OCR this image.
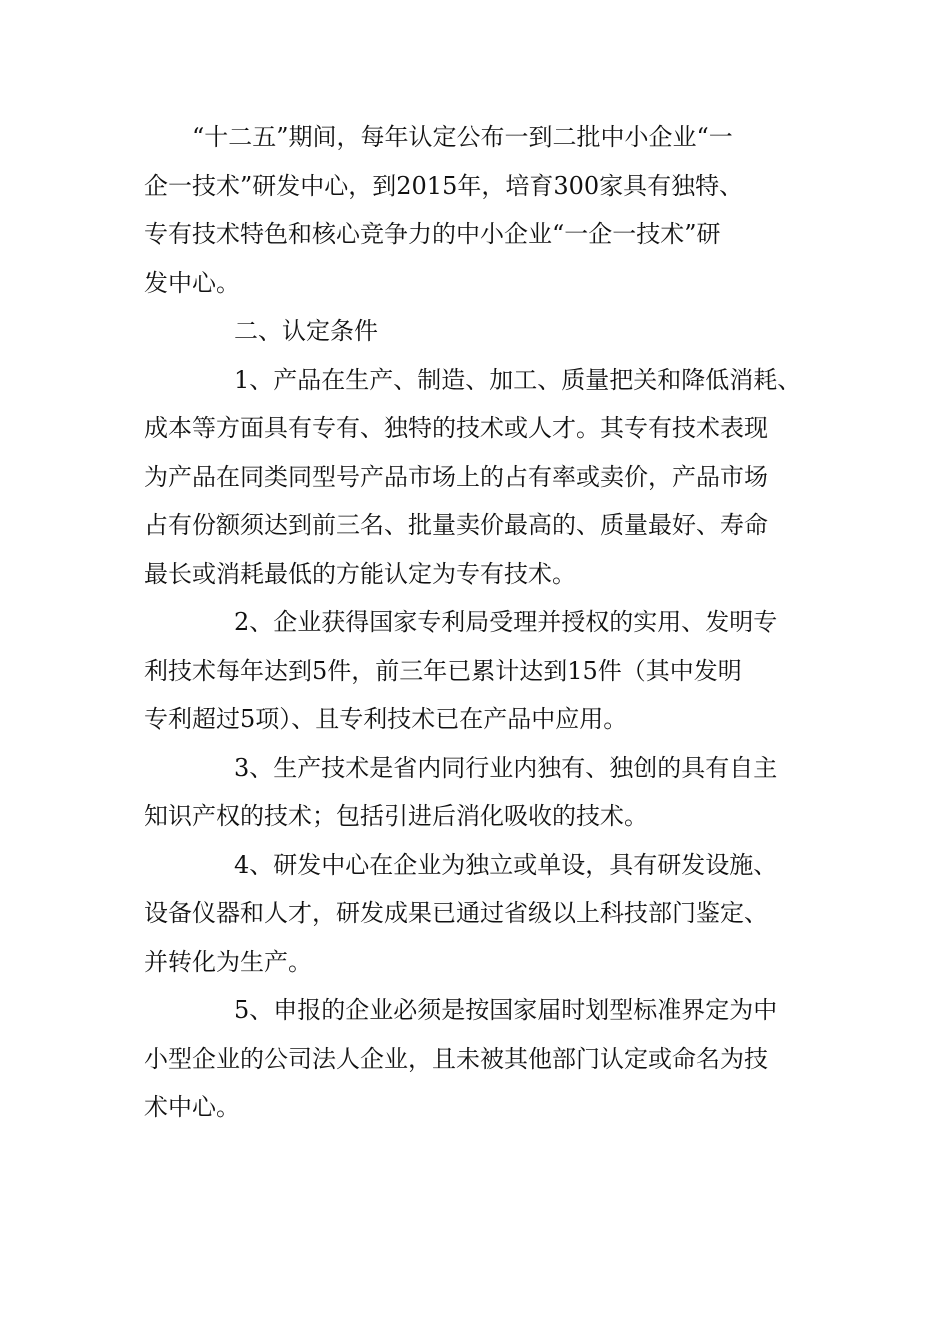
“十二五”期间，每年认定公布一到二批中小企业“一
企一技术”研发中心，到2015年，培育300家具有独特、
专有技术特色和核心竞争力的中小企业“一企一技术”研
发中心。

二、认定条件

1、产品在生产、制造、加工、质量把关和降低消耗、
成本等方面具有专有、独特的技术或人才。其专有技术表现
为产品在同类同型号产品市场上的占有率或卖价，产品市场
占有份额须达到前三名、批量卖价最高的、质量最好、寿命
最长或消耗最低的方能认定为专有技术。

2、企业获得国家专利局受理并授权的实用、发明专
利技术每年达到5件，前三年已累计达到15件（其中发明
专利超过5项）、且专利技术已在产品中应用。

3、生产技术是省内同行业内独有、独创的具有自主
知识产权的技术；包括引进后消化吸收的技术。

4、研发中心在企业为独立或单设，具有研发设施、
设备仪器和人才，研发成果已通过省级以上科技部门鉴定、
并转化为生产。

5、申报的企业必须是按国家届时划型标准界定为中
小型企业的公司法人企业，且未被其他部门认定或命名为技
术中心。
